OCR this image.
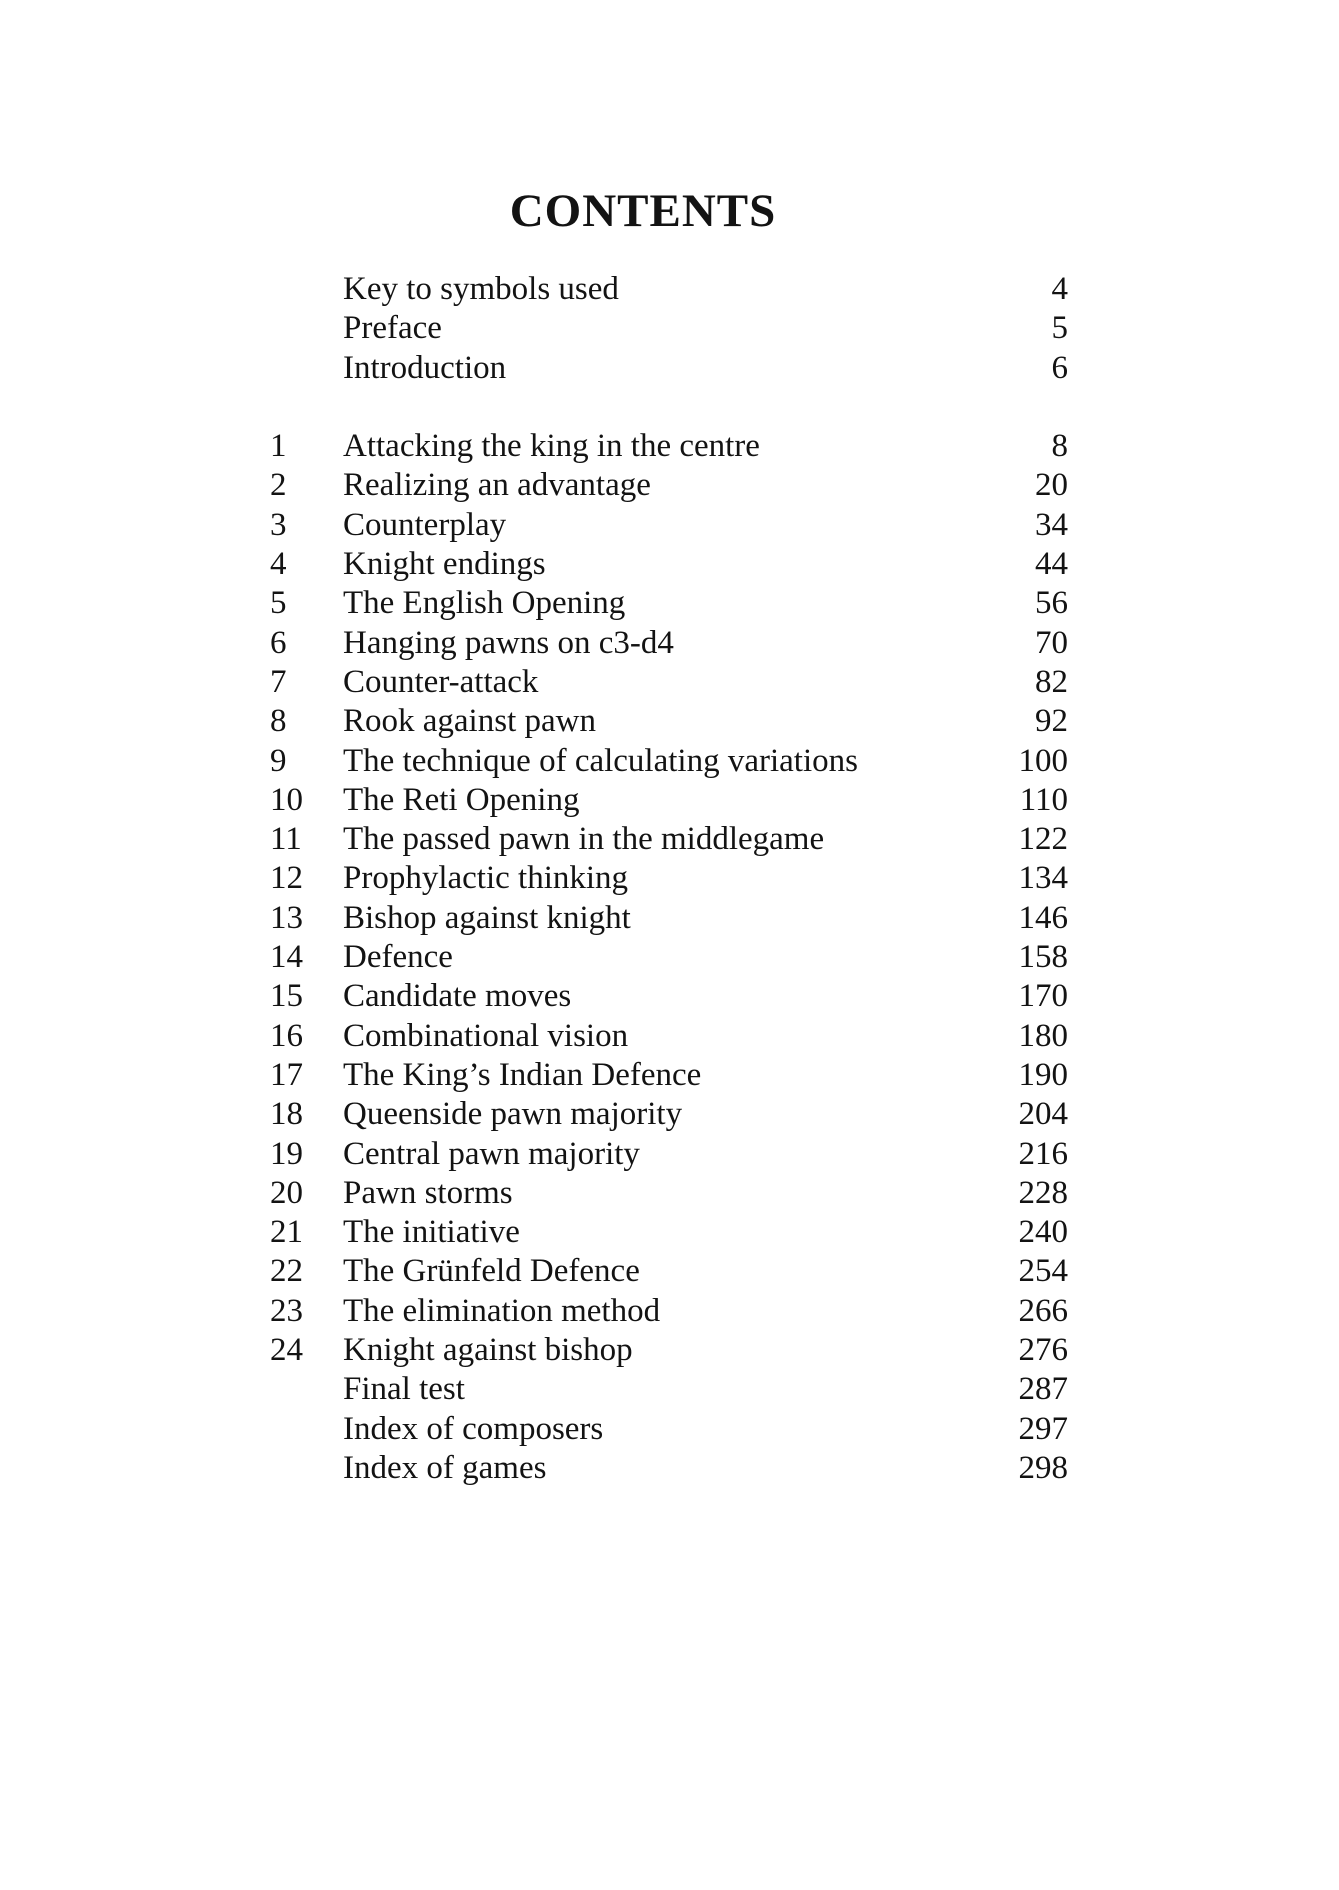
CONTENTS
Key to symbols used	4
Preface	5
Introduction	6
1	Attacking the king in the centre	8
2	Realizing an advantage	20
3	Counterplay	34
4	Knight endings	44
5	The English Opening	56
6	Hanging pawns on c3-d4	70
7	Counter-attack	82
8	Rook against pawn	92
9	The technique of calculating variations	100
10	The Reti Opening	110
11	The passed pawn in the middlegame	122
12	Prophylactic thinking	134
13	Bishop against knight	146
14	Defence	158
15	Candidate moves	170
16	Combinational vision	180
17	The King’s Indian Defence	190
18	Queenside pawn majority	204
19	Central pawn majority	216
20	Pawn storms	228
21	The initiative	240
22	The Grünfeld Defence	254
23	The elimination method	266
24	Knight against bishop	276
Final test	287
Index of composers	297
Index of games	298
